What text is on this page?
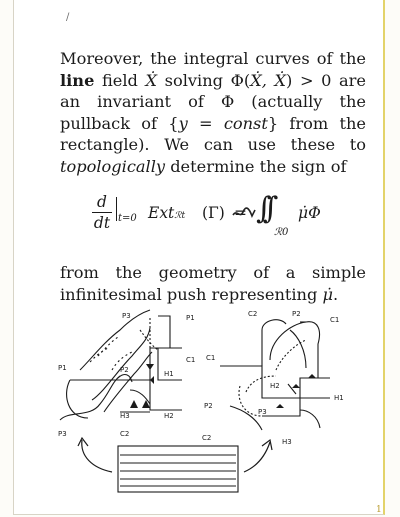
/
Moreover, the integral curves of the line field Ẋ solving Φ(Ẋ, Ẋ) > 0 are an invariant of Φ (actually the pullback of {y = const} from the rectangle). We can use these to topologically determine the sign of
d
dt t=0 Extℛt (Γ) = ∫∫
ℛ0
μ̇Φ
from the geometry of a simple infinitesimal push representing μ̇.
P3	P1
P1	P2
C1
H1
H3	H2
P3	C2
C2	P2
C1
C1
H2
P2
P3
H1
C2	H3
1
